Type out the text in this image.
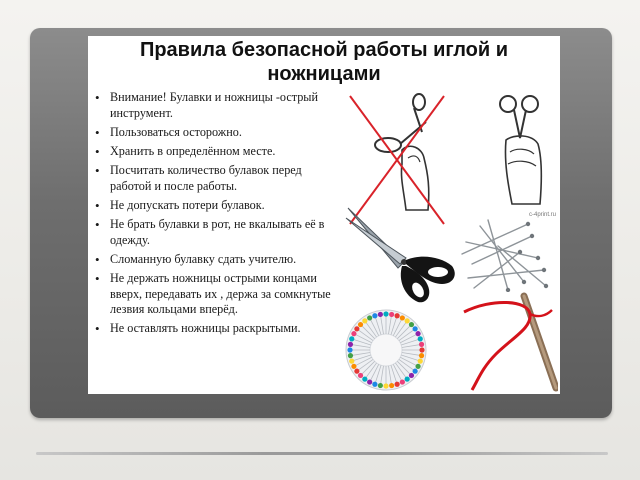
Правила безопасной работы иглой и ножницами
• Внимание! Булавки и ножницы -острый инструмент.
• Пользоваться осторожно.
• Хранить в определённом месте.
• Посчитать количество булавок перед работой и после работы.
• Не допускать потери булавок.
• Не брать булавки в рот, не вкалывать её в одежду.
• Сломанную булавку сдать учителю.
• Не держать ножницы острыми концами вверх, передавать их , держа за сомкнутые лезвия кольцами вперёд.
• Не оставлять ножницы раскрытыми.
c-4print.ru
